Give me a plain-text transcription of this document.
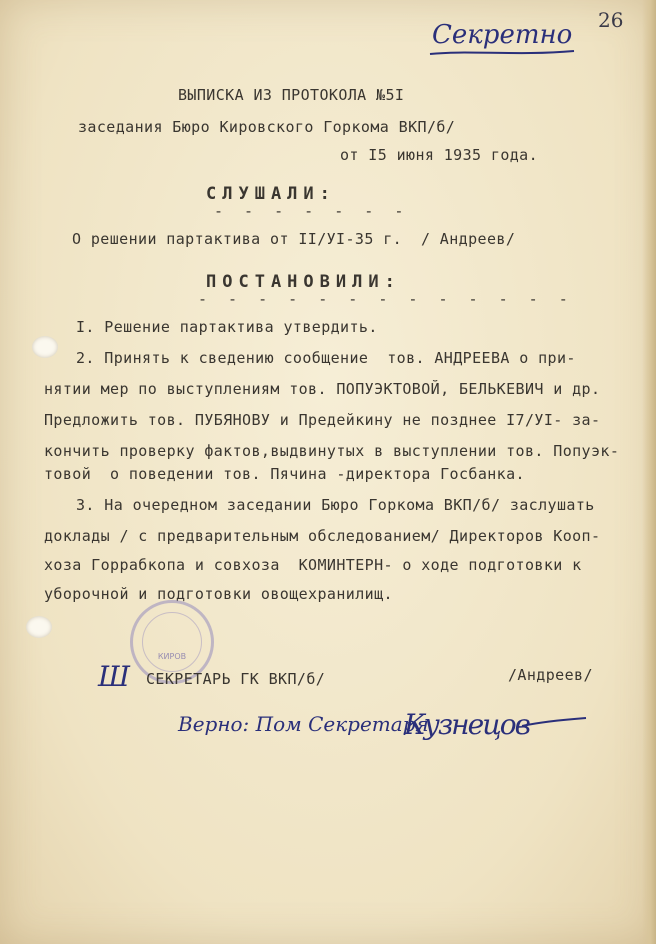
26
Секретно
ВЫПИСКА ИЗ ПРОТОКОЛА №5I
заседания Бюро Кировского Горкома ВКП/б/
от I5 июня 1935 года.
СЛУШАЛИ:
- - - - - - -
О решении партактива от II/УI-35 г.  / Андреев/
ПОСТАНОВИЛИ:
- - - - - - - - - - - - -
I. Решение партактива утвердить.
2. Принять к сведению сообщение  тов. АНДРЕЕВА о при-
нятии мер по выступлениям тов. ПОПУЭКТОВОЙ, БЕЛЬКЕВИЧ и др.
Предложить тов. ПУБЯНОВУ и Предейкину не позднее I7/УI- за-
кончить проверку фактов,выдвинутых в выступлении тов. Попуэк-
товой  о поведении тов. Пячина -директора Госбанка.
3. На очередном заседании Бюро Горкома ВКП/б/ заслушать
доклады / с предварительным обследованием/ Директоров Кооп-
хоза Горрабкопа и совхоза  КОМИНТЕРН- о ходе подготовки к
уборочной и подготовки овощехранилищ.
КИРОВ
Ш СЕКРЕТАРЬ ГК ВКП/б/	/Андреев/
Верно: Пом Секретаря
Кузнецов
